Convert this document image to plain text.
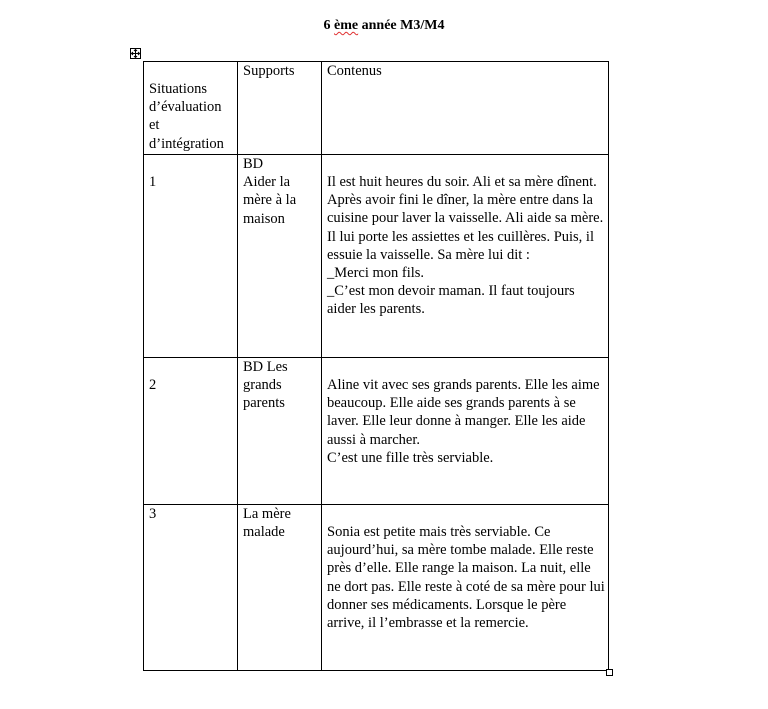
6 ème année M3/M4
Situations
d’évaluation
et
d’intégration	Supports	Contenus

1	BD
Aider la mère à la maison	Il est huit heures du soir. Ali et sa mère dînent. Après avoir fini le dîner, la mère entre dans la cuisine pour laver la vaisselle. Ali aide sa mère. Il lui porte les assiettes et les cuillères. Puis, il essuie la vaisselle. Sa mère lui dit :
_Merci mon fils.
_C’est mon devoir maman. Il faut toujours aider les parents.

2	BD Les grands parents	Aline vit avec ses grands parents. Elle les aime beaucoup. Elle aide ses grands parents à se laver. Elle leur donne à manger. Elle les aide aussi à marcher.
C’est une fille très serviable.

3	La mère malade	Sonia est petite mais très serviable. Ce aujourd’hui, sa mère tombe malade. Elle reste près d’elle. Elle range la maison. La nuit, elle ne dort pas. Elle reste à coté de sa mère pour lui donner ses médicaments. Lorsque le père arrive, il l’embrasse et la remercie.
